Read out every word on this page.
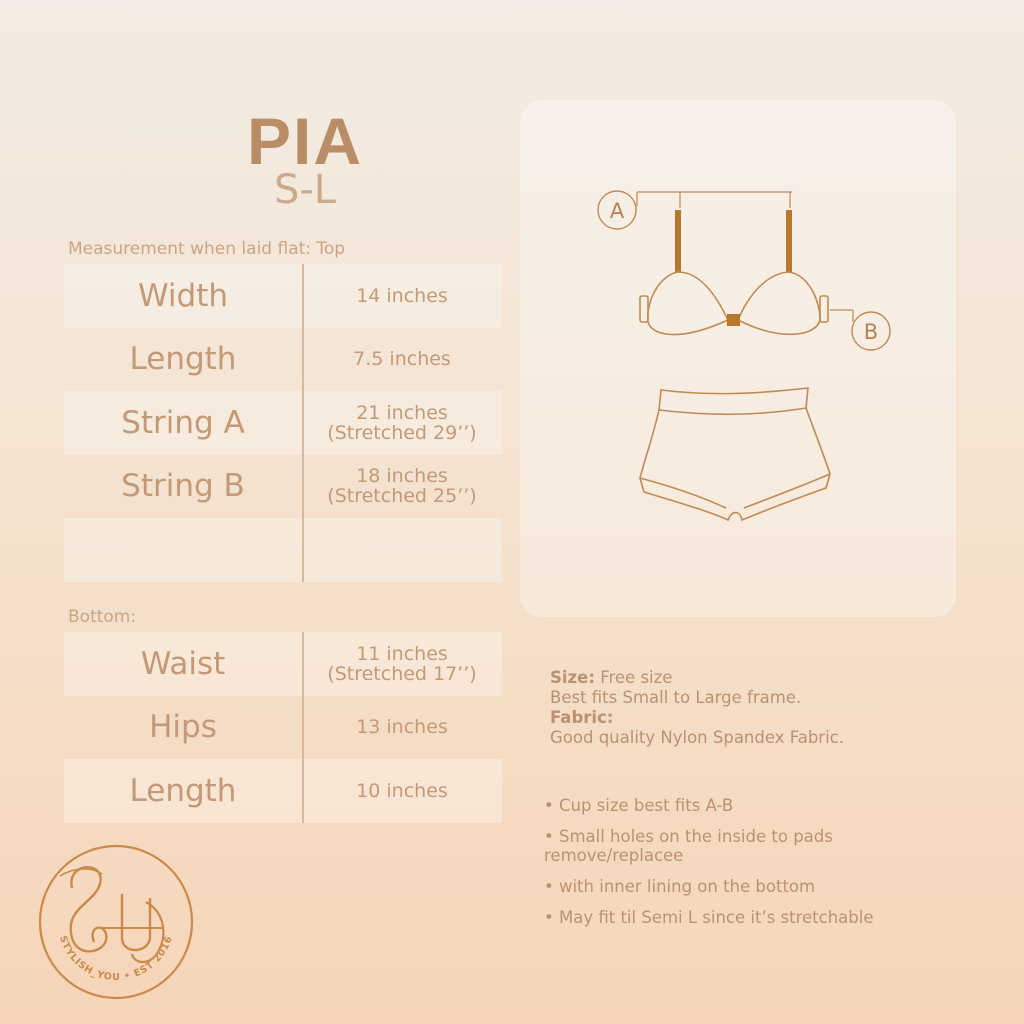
PIA
S-L
Measurement when laid flat: Top
Width	14 inches
Length	7.5 inches
String A	21 inches
(Stretched 29’’)
String B	18 inches
(Stretched 25’’)
Bottom:
Waist	11 inches
(Stretched 17’’)
Hips	13 inches
Length	10 inches
A
B
Size: Free size
Best fits Small to Large frame.
Fabric:
Good quality Nylon Spandex Fabric.
• Cup size best fits A-B
• Small holes on the inside to pads remove/replacee
• with inner lining on the bottom
• May fit til Semi L since it’s stretchable
STYLISH_YOU • EST 2016
